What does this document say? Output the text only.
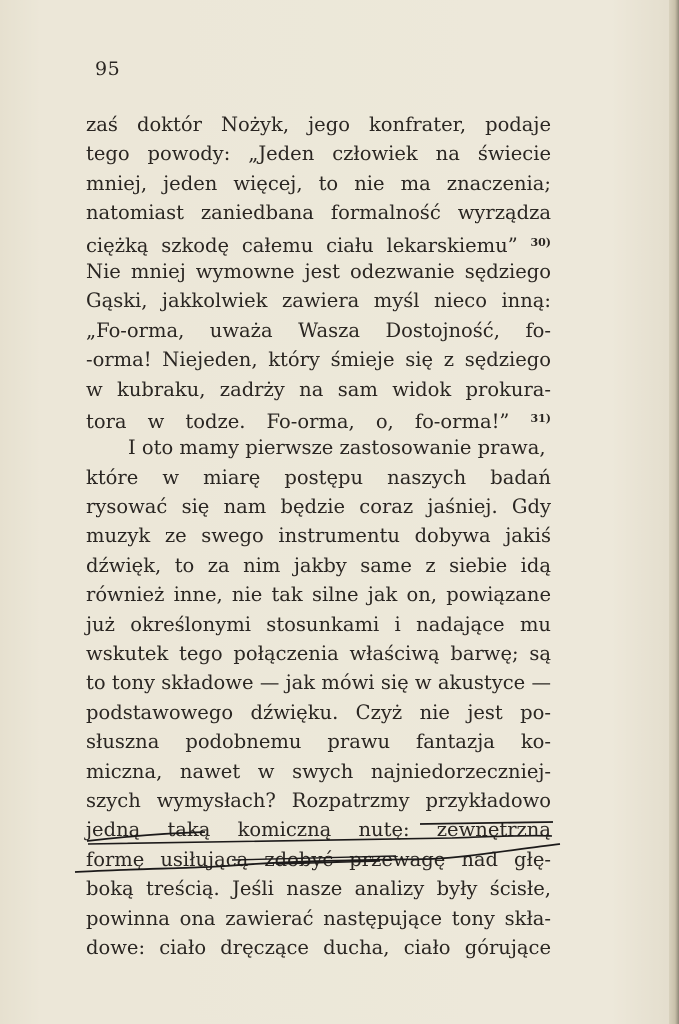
95
zaś doktór Nożyk, jego konfrater, podaje
tego powody: „Jeden człowiek na świecie
mniej, jeden więcej, to nie ma znaczenia;
natomiast zaniedbana formalność wyrządza
ciężką szkodę całemu ciału lekarskiemu” $^{30)}$
Nie mniej wymowne jest odezwanie sędziego
Gąski, jakkolwiek zawiera myśl nieco inną:
„Fo-orma, uważa Wasza Dostojność, fo-
-orma! Niejeden, który śmieje się z sędziego
w kubraku, zadrży na sam widok prokura-
tora w todze. Fo-orma, o, fo-orma!” $^{31)}$
I oto mamy pierwsze zastosowanie prawa,
które w miarę postępu naszych badań
rysować się nam będzie coraz jaśniej. Gdy
muzyk ze swego instrumentu dobywa jakiś
dźwięk, to za nim jakby same z siebie idą
również inne, nie tak silne jak on, powiązane
już określonymi stosunkami i nadające mu
wskutek tego połączenia właściwą barwę; są
to tony składowe — jak mówi się w akustyce —
podstawowego dźwięku. Czyż nie jest po-
słuszna podobnemu prawu fantazja ko-
miczna, nawet w swych najniedorzeczniej-
szych wymysłach? Rozpatrzmy przykładowo
jedną taką komiczną nutę: zewnętrzną
formę usiłującą zdobyć przewagę nad głę-
boką treścią. Jeśli nasze analizy były ścisłe,
powinna ona zawierać następujące tony skła-
dowe: ciało dręczące ducha, ciało górujące
